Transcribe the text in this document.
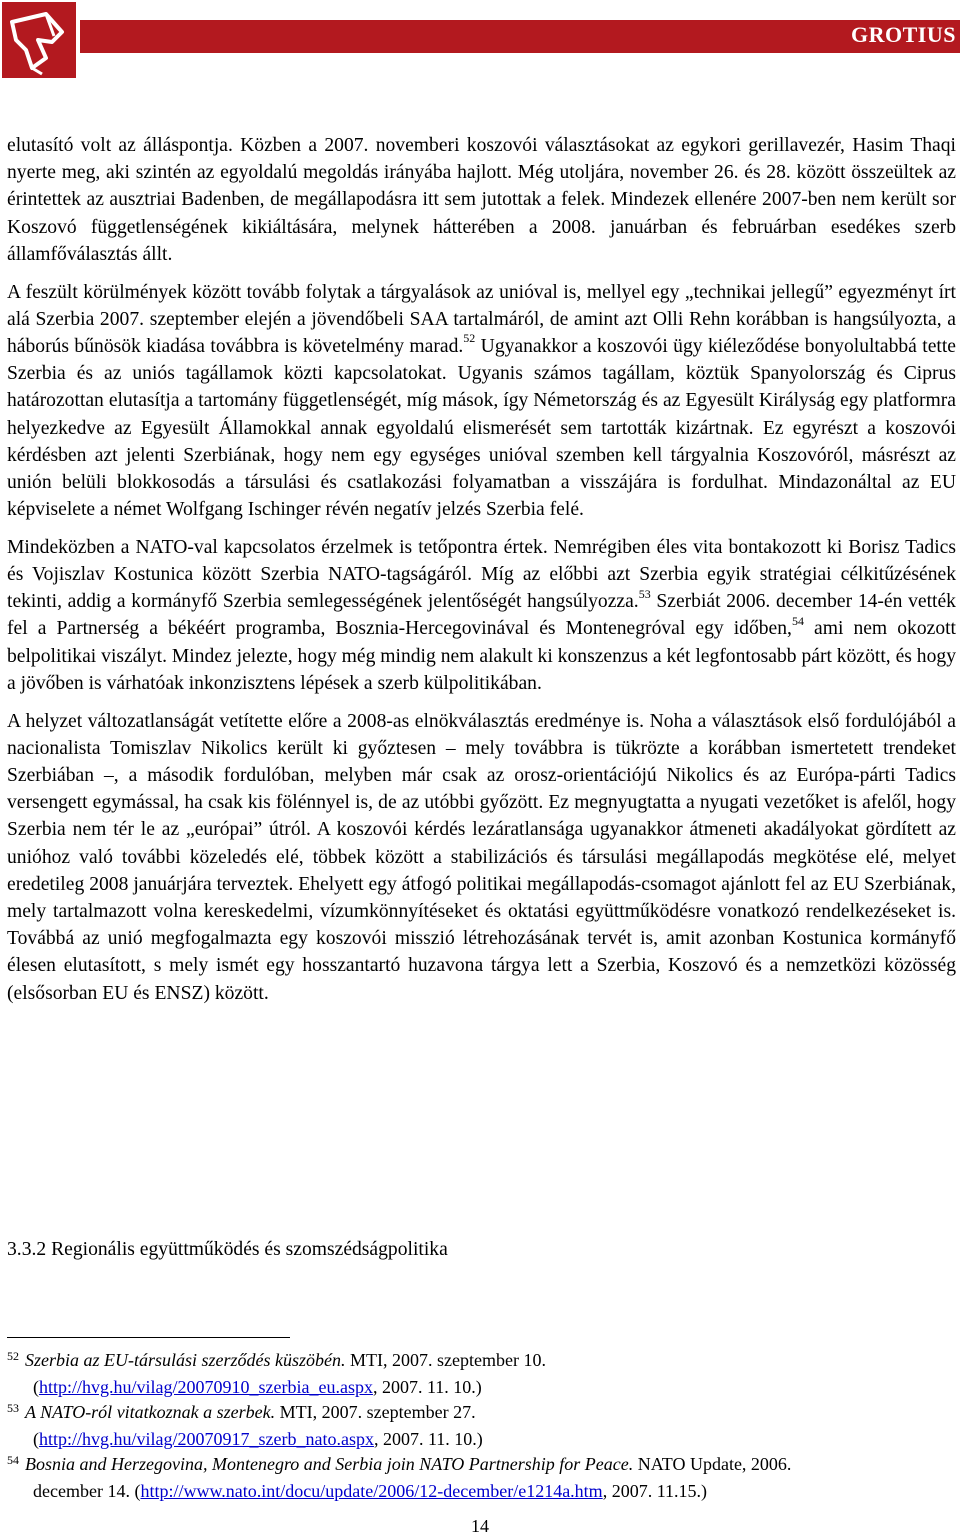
GROTIUS

elutasító volt az álláspontja. Közben a 2007. novemberi koszovói választásokat az egykori gerillavezér, Hasim Thaqi nyerte meg, aki szintén az egyoldalú megoldás irányába hajlott. Még utoljára, november 26. és 28. között összeültek az érintettek az ausztriai Badenben, de megállapodásra itt sem jutottak a felek. Mindezek ellenére 2007-ben nem került sor Koszovó függetlenségének kikiáltására, melynek hátterében a 2008. januárban és februárban esedékes szerb államfőválasztás állt.

A feszült körülmények között tovább folytak a tárgyalások az unióval is, mellyel egy „technikai jellegű” egyezményt írt alá Szerbia 2007. szeptember elején a jövendőbeli SAA tartalmáról, de amint azt Olli Rehn korábban is hangsúlyozta, a háborús bűnösök kiadása továbbra is követelmény marad.$^{52}$ Ugyanakkor a koszovói ügy kiéleződése bonyolultabbá tette Szerbia és az uniós tagállamok közti kapcsolatokat. Ugyanis számos tagállam, köztük Spanyolország és Ciprus határozottan elutasítja a tartomány függetlenségét, míg mások, így Németország és az Egyesült Királyság egy platformra helyezkedve az Egyesült Államokkal annak egyoldalú elismerését sem tartották kizártnak. Ez egyrészt a koszovói kérdésben azt jelenti Szerbiának, hogy nem egy egységes unióval szemben kell tárgyalnia Koszovóról, másrészt az unión belüli blokkosodás a társulási és csatlakozási folyamatban a visszájára is fordulhat. Mindazonáltal az EU képviselete a német Wolfgang Ischinger révén negatív jelzés Szerbia felé.

Mindeközben a NATO-val kapcsolatos érzelmek is tetőpontra értek. Nemrégiben éles vita bontakozott ki Borisz Tadics és Vojiszlav Kostunica között Szerbia NATO-tagságáról. Míg az előbbi azt Szerbia egyik stratégiai célkitűzésének tekinti, addig a kormányfő Szerbia semlegességének jelentőségét hangsúlyozza.$^{53}$ Szerbiát 2006. december 14-én vették fel a Partnerség a békéért programba, Bosznia-Hercegovinával és Montenegróval egy időben,$^{54}$ ami nem okozott belpolitikai viszályt. Mindez jelezte, hogy még mindig nem alakult ki konszenzus a két legfontosabb párt között, és hogy a jövőben is várhatóak inkonzisztens lépések a szerb külpolitikában.

A helyzet változatlanságát vetítette előre a 2008-as elnökválasztás eredménye is. Noha a választások első fordulójából a nacionalista Tomiszlav Nikolics került ki győztesen – mely továbbra is tükrözte a korábban ismertetett trendeket Szerbiában –, a második fordulóban, melyben már csak az orosz-orientációjú Nikolics és az Európa-párti Tadics versengett egymással, ha csak kis fölénnyel is, de az utóbbi győzött. Ez megnyugtatta a nyugati vezetőket is afelől, hogy Szerbia nem tér le az „európai” útról. A koszovói kérdés lezáratlansága ugyanakkor átmeneti akadályokat gördített az unióhoz való további közeledés elé, többek között a stabilizációs és társulási megállapodás megkötése elé, melyet eredetileg 2008 januárjára terveztek. Ehelyett egy átfogó politikai megállapodás-csomagot ajánlott fel az EU Szerbiának, mely tartalmazott volna kereskedelmi, vízumkönnyítéseket és oktatási együttműködésre vonatkozó rendelkezéseket is. Továbbá az unió megfogalmazta egy koszovói misszió létrehozásának tervét is, amit azonban Kostunica kormányfő élesen elutasított, s mely ismét egy hosszantartó huzavona tárgya lett a Szerbia, Koszovó és a nemzetközi közösség (elsősorban EU és ENSZ) között.

3.3.2 Regionális együttműködés és szomszédságpolitika
$^{52}$ Szerbia az EU-társulási szerződés küszöbén. MTI, 2007. szeptember 10.
(http://hvg.hu/vilag/20070910_szerbia_eu.aspx, 2007. 11. 10.)
$^{53}$ A NATO-ról vitatkoznak a szerbek. MTI, 2007. szeptember 27.
(http://hvg.hu/vilag/20070917_szerb_nato.aspx, 2007. 11. 10.)
$^{54}$ Bosnia and Herzegovina, Montenegro and Serbia join NATO Partnership for Peace. NATO Update, 2006.
december 14. (http://www.nato.int/docu/update/2006/12-december/e1214a.htm, 2007. 11.15.)
14
